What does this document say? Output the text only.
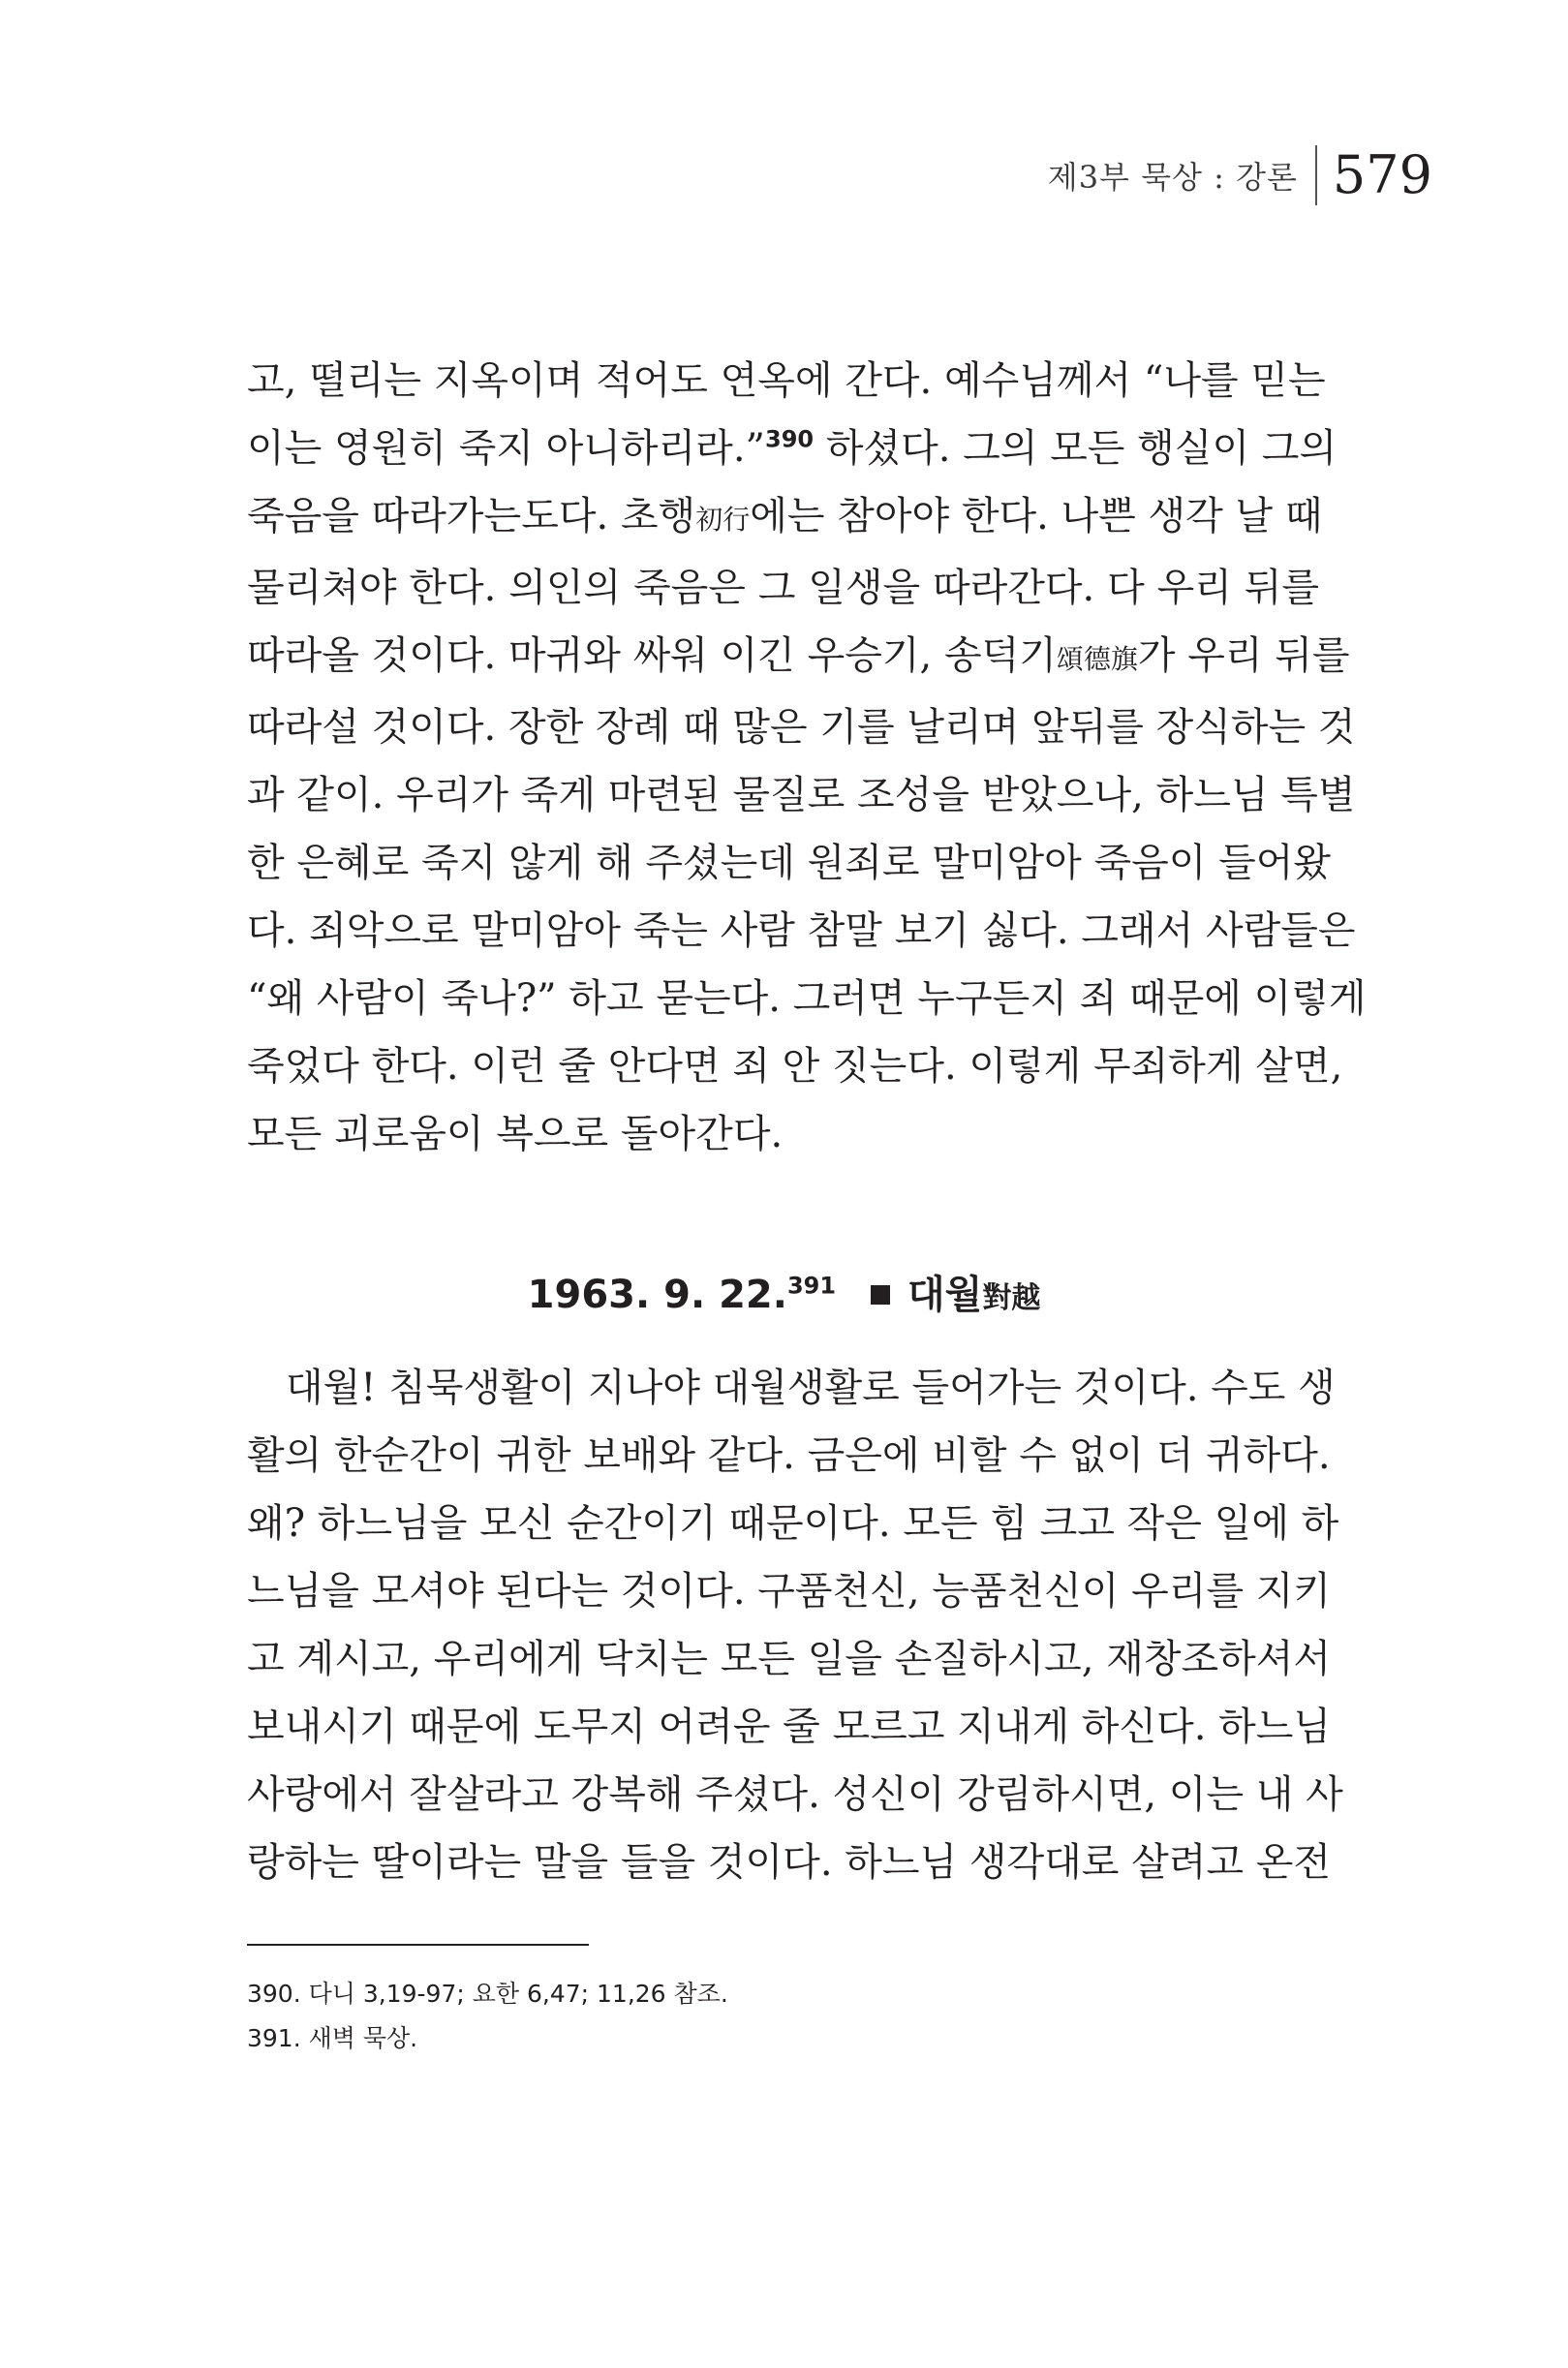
제3부 묵상 : 강론 579
고, 떨리는 지옥이며 적어도 연옥에 간다. 예수님께서 “나를 믿는
이는 영원히 죽지 아니하리라.”$^{390}$ 하셨다. 그의 모든 행실이 그의
죽음을 따라가는도다. 초행初行에는 참아야 한다. 나쁜 생각 날 때
물리쳐야 한다. 의인의 죽음은 그 일생을 따라간다. 다 우리 뒤를
따라올 것이다. 마귀와 싸워 이긴 우승기, 송덕기頌德旗가 우리 뒤를
따라설 것이다. 장한 장례 때 많은 기를 날리며 앞뒤를 장식하는 것
과 같이. 우리가 죽게 마련된 물질로 조성을 받았으나, 하느님 특별
한 은혜로 죽지 않게 해 주셨는데 원죄로 말미암아 죽음이 들어왔
다. 죄악으로 말미암아 죽는 사람 참말 보기 싫다. 그래서 사람들은
“왜 사람이 죽나?” 하고 묻는다. 그러면 누구든지 죄 때문에 이렇게
죽었다 한다. 이런 줄 안다면 죄 안 짓는다. 이렇게 무죄하게 살면,
모든 괴로움이 복으로 돌아간다.
1963. 9. 22.$^{391}$ 대월對越
대월! 침묵생활이 지나야 대월생활로 들어가는 것이다. 수도 생
활의 한순간이 귀한 보배와 같다. 금은에 비할 수 없이 더 귀하다.
왜? 하느님을 모신 순간이기 때문이다. 모든 힘 크고 작은 일에 하
느님을 모셔야 된다는 것이다. 구품천신, 능품천신이 우리를 지키
고 계시고, 우리에게 닥치는 모든 일을 손질하시고, 재창조하셔서
보내시기 때문에 도무지 어려운 줄 모르고 지내게 하신다. 하느님
사랑에서 잘살라고 강복해 주셨다. 성신이 강림하시면, 이는 내 사
랑하는 딸이라는 말을 들을 것이다. 하느님 생각대로 살려고 온전
390. 다니 3,19-97; 요한 6,47; 11,26 참조.
391. 새벽 묵상.
